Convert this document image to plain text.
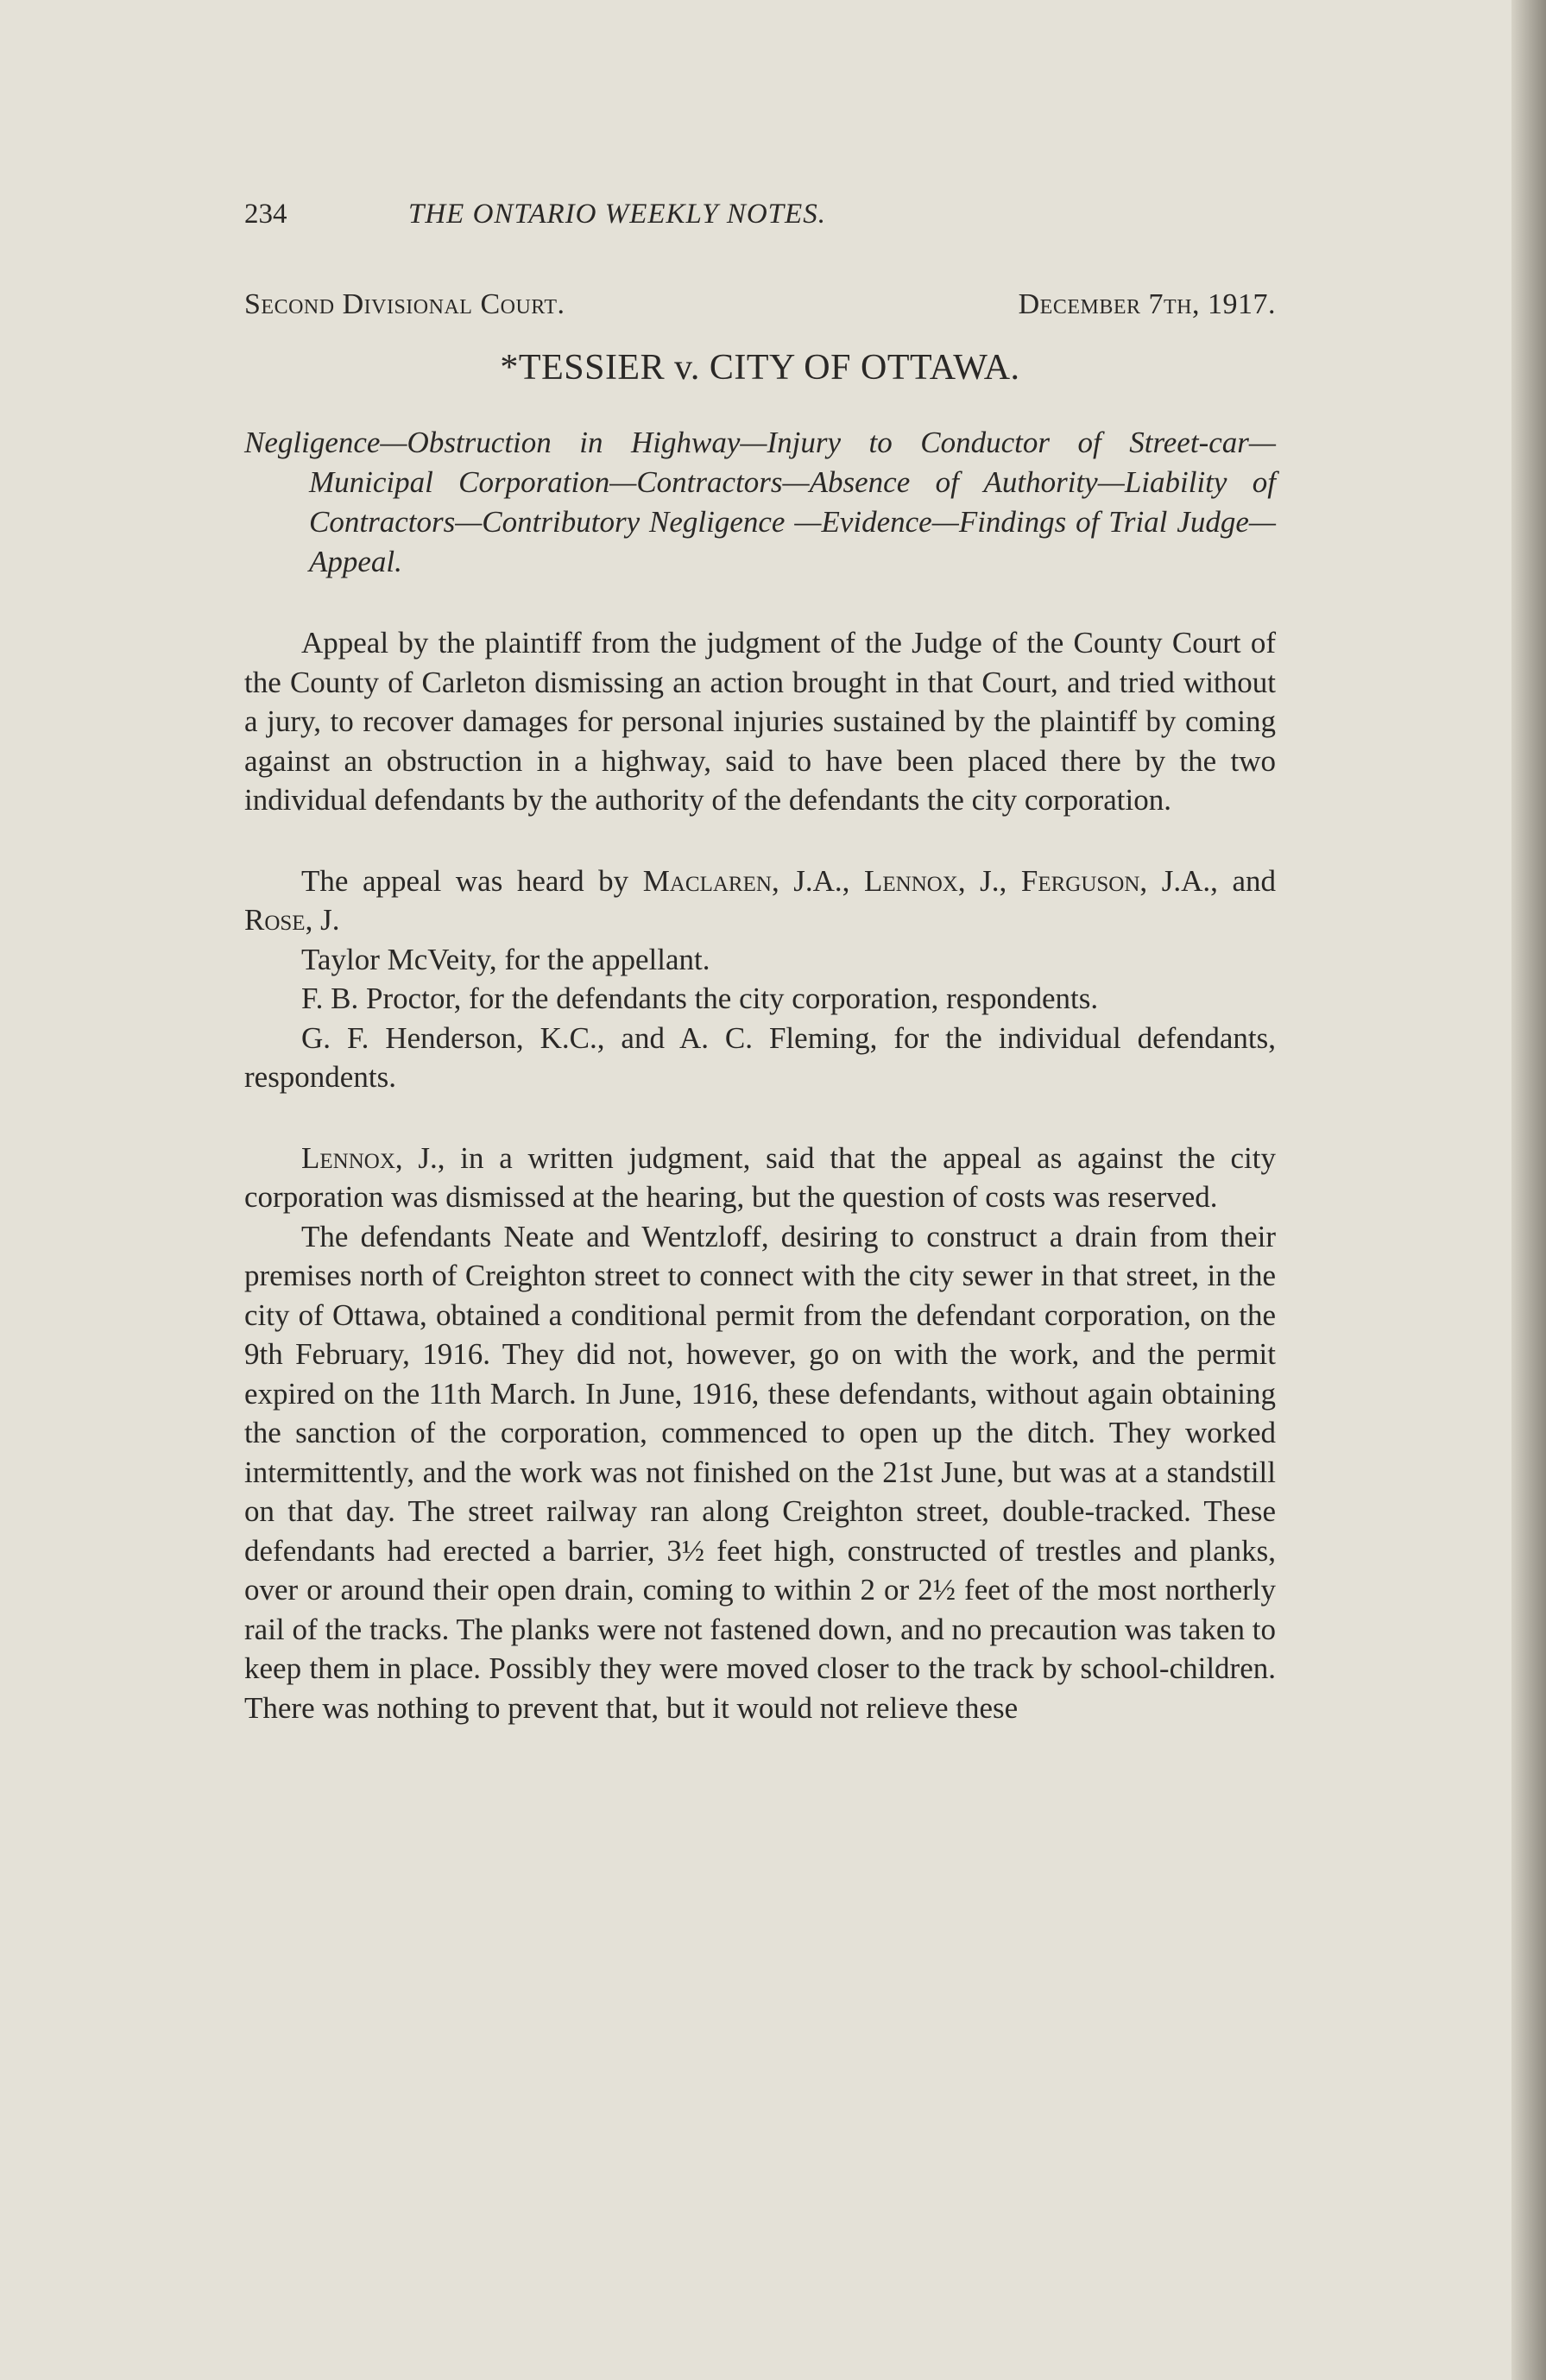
234	THE ONTARIO WEEKLY NOTES.
Second Divisional Court.	December 7th, 1917.
*TESSIER v. CITY OF OTTAWA.

Negligence—Obstruction in Highway—Injury to Conductor of Street-car—Municipal Corporation—Contractors—Absence of Authority—Liability of Contractors—Contributory Negligence —Evidence—Findings of Trial Judge—Appeal.

Appeal by the plaintiff from the judgment of the Judge of the County Court of the County of Carleton dismissing an action brought in that Court, and tried without a jury, to recover damages for personal injuries sustained by the plaintiff by coming against an obstruction in a highway, said to have been placed there by the two individual defendants by the authority of the defendants the city corporation.

The appeal was heard by Maclaren, J.A., Lennox, J., Ferguson, J.A., and Rose, J.

Taylor McVeity, for the appellant.

F. B. Proctor, for the defendants the city corporation, respondents.

G. F. Henderson, K.C., and A. C. Fleming, for the individual defendants, respondents.

Lennox, J., in a written judgment, said that the appeal as against the city corporation was dismissed at the hearing, but the question of costs was reserved.

The defendants Neate and Wentzloff, desiring to construct a drain from their premises north of Creighton street to connect with the city sewer in that street, in the city of Ottawa, obtained a conditional permit from the defendant corporation, on the 9th February, 1916. They did not, however, go on with the work, and the permit expired on the 11th March. In June, 1916, these defendants, without again obtaining the sanction of the corporation, commenced to open up the ditch. They worked intermittently, and the work was not finished on the 21st June, but was at a standstill on that day. The street railway ran along Creighton street, double-tracked. These defendants had erected a barrier, 3½ feet high, constructed of trestles and planks, over or around their open drain, coming to within 2 or 2½ feet of the most northerly rail of the tracks. The planks were not fastened down, and no precaution was taken to keep them in place. Possibly they were moved closer to the track by school-children. There was nothing to prevent that, but it would not relieve these
